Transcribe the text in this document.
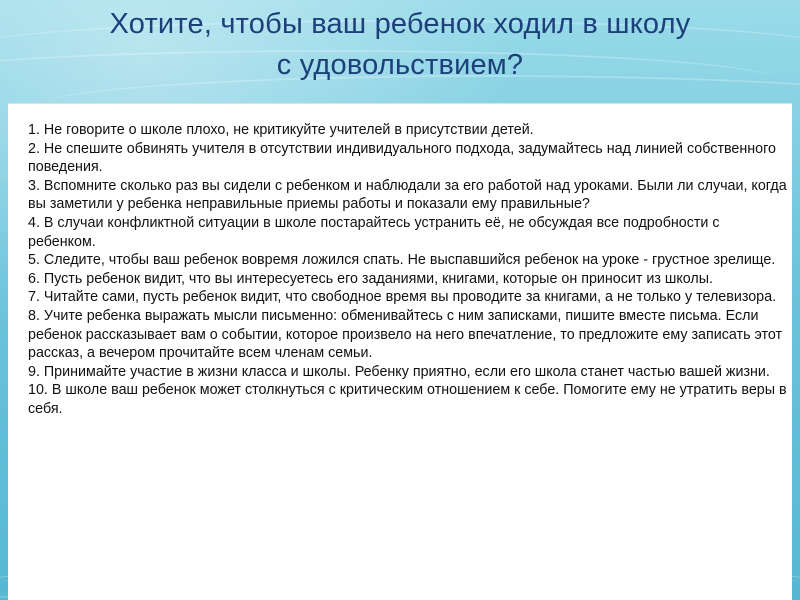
Хотите, чтобы ваш ребенок ходил в школу
с удовольствием?
1. Не говорите о школе плохо, не критикуйте учителей в присутствии детей.
2. Не спешите обвинять учителя в отсутствии индивидуального подхода, задумайтесь над линией собственного поведения.
3. Вспомните сколько раз вы сидели с ребенком и наблюдали за его работой над уроками. Были ли случаи, когда вы заметили у ребенка неправильные приемы работы и показали ему правильные?
4. В случаи конфликтной ситуации в школе постарайтесь устранить её, не обсуждая все подробности с ребенком.
5. Следите, чтобы ваш ребенок вовремя ложился спать. Не выспавшийся ребенок на уроке - грустное зрелище.
6. Пусть ребенок видит, что вы интересуетесь его заданиями, книгами, которые он приносит из школы.
7. Читайте сами, пусть ребенок видит, что свободное время вы проводите за книгами, а не только у телевизора.
8. Учите ребенка выражать мысли письменно: обменивайтесь с ним записками, пишите вместе письма. Если ребенок рассказывает вам о событии, которое произвело на него впечатление, то предложите ему записать этот рассказ, а вечером прочитайте всем членам семьи.
9. Принимайте участие в жизни класса и школы. Ребенку приятно, если его школа станет частью вашей жизни.
10. В школе ваш ребенок может столкнуться с критическим отношением к себе. Помогите ему не утратить веры в себя.
